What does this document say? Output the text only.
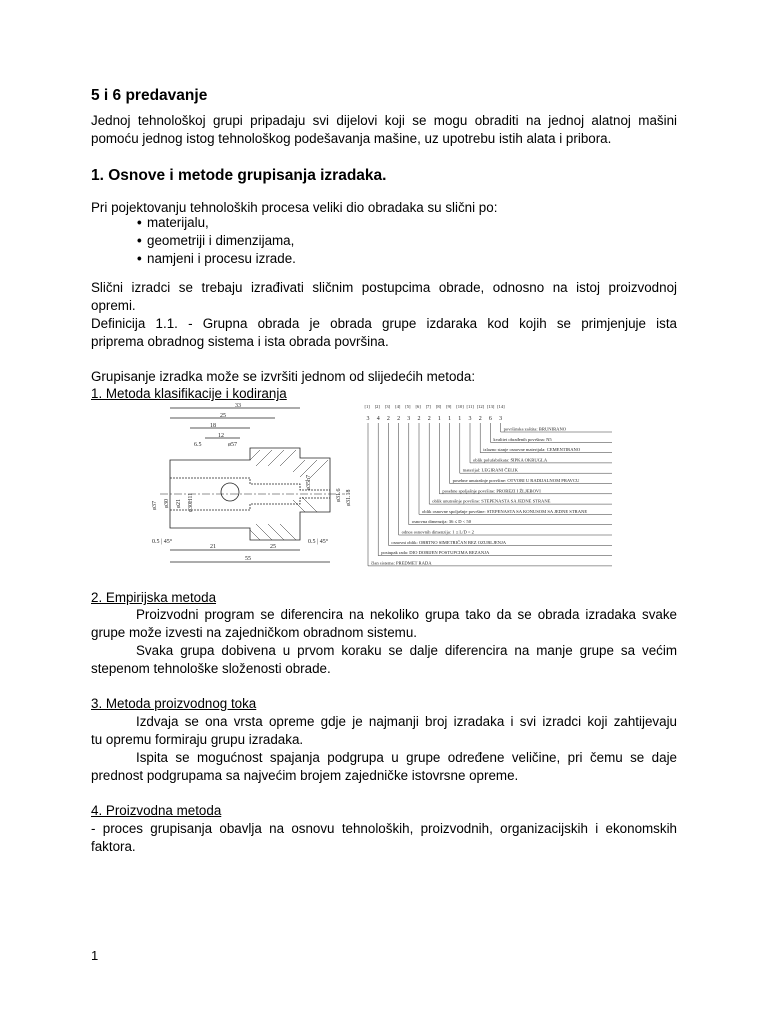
5 i 6 predavanje
Jednoj tehnološkoj grupi pripadaju svi dijelovi koji se mogu obraditi na jednoj alatnoj mašini
pomoću jednog istog tehnološkog podešavanja mašine, uz upotrebu istih alata i pribora.
1. Osnove i metode grupisanja izradaka.
Pri pojektovanju tehnoloških procesa veliki dio obradaka su slični po:
• materijalu,
• geometriji i dimenzijama,
• namjeni i procesu izrade.
Slični izradci se trebaju izrađivati sličnim postupcima obrade, odnosno na istoj proizvodnoj
opremi.
Definicija 1.1. - Grupna obrada je obrada grupe izdaraka kod kojih se primjenjuje ista
priprema obradnog sistema i ista obrada površina.
Grupisanje izradka može se izvršiti jednom od slijedećih metoda:
1. Metoda klasifikacije i kodiranja
33
25
18
12
6.5	ø57
ø37 ø30 ø21 ø30H11
ø35h7
ø31.6 ø31.18
0.5 | 45°
21	25
0.5 | 45°
55
[1]
3
[2]
4
[3]
2
[4]
2
[5]
3
[6]
2
[7]
2
[8]
1
[9]
1
[10]
1
[11]
3
[12]
2
[13]
6
[14]
3
površinska zaštita: BRUNIRANO
kvalitet obrađenih površina: N5
izlazno stanje osnovne materijala: CEMENTIRANO
oblik polufabrikata: ŠIPKA OKRUGLA
materijal: LEGIRANI ČELIK
posebne unutrašnje površine: OTVORI U RADIJALNOM PRAVCU
posebne spoljašnje površine: PROREZI I ŽLJEBOVI
oblik unutrašnje površine: STEPENASTA SA JEDNE STRANE
oblik osnovne spoljašnje površine: STEPENASTA SA KONUSOM SA JEDNE STRANE
osnovna dimenzija: 36 ≤ D < 50
odnos osnovnih dimenzija: 1 ≤ L/D < 2
osnovni oblik: OBRTNO SIMETRIČAN BEZ OZUBLJENJA
postupak rada: DIO DOBIJEN POSTUPCIMA REZANJA
član sistema: PREDMET RADA
2. Empirijska metoda
Proizvodni program se diferencira na nekoliko grupa tako da se obrada izradaka svake
grupe može izvesti na zajedničkom obradnom sistemu.
Svaka grupa dobivena u prvom koraku se dalje diferencira na manje grupe sa većim
stepenom tehnološke složenosti obrade.
3. Metoda proizvodnog toka
Izdvaja se ona vrsta opreme gdje je najmanji broj izradaka i svi izradci koji zahtijevaju
tu opremu formiraju grupu izradaka.
Ispita se mogućnost spajanja podgrupa u grupe određene veličine, pri čemu se daje
prednost podgrupama sa najvećim brojem zajedničke istovrsne opreme.
4. Proizvodna metoda
- proces grupisanja obavlja na osnovu tehnoloških, proizvodnih, organizacijskih i ekonomskih
faktora.
1
